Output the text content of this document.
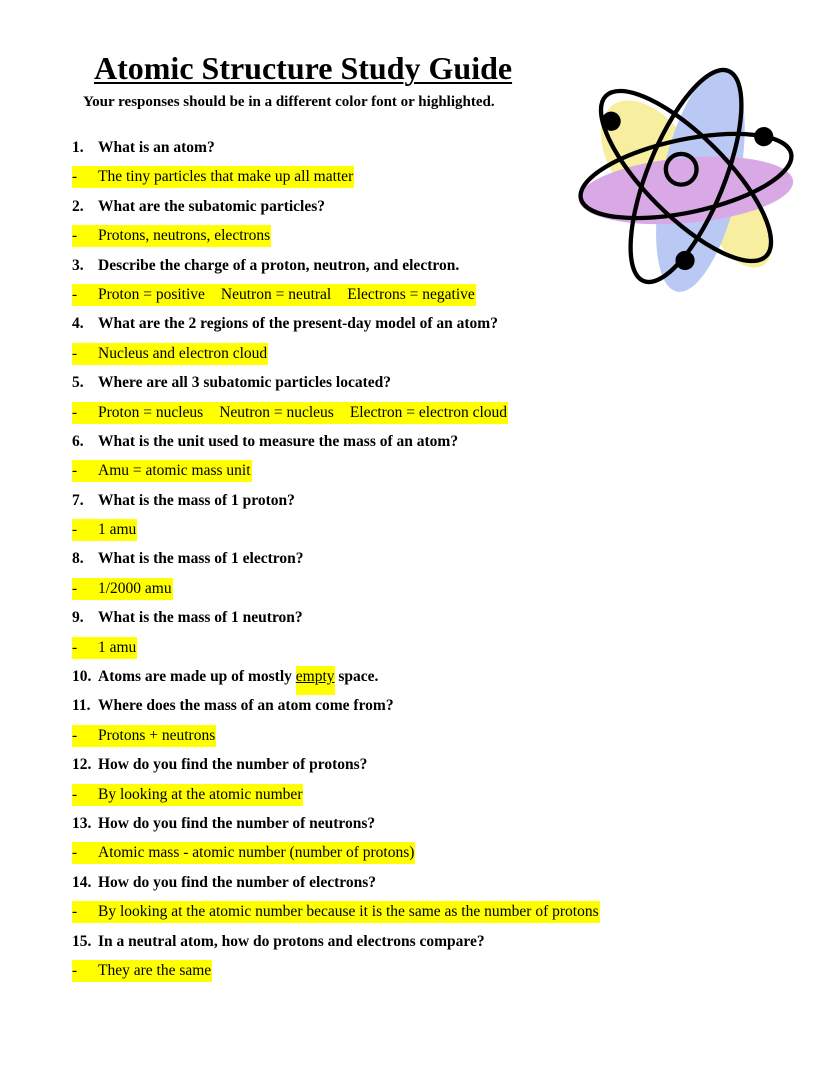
Atomic Structure Study Guide
Your responses should be in a different color font or highlighted.
1. What is an atom?
- The tiny particles that make up all matter
2. What are the subatomic particles?
- Protons, neutrons, electrons
3. Describe the charge of a proton, neutron, and electron.
- Proton = positive Neutron = neutral Electrons = negative
4. What are the 2 regions of the present-day model of an atom?
- Nucleus and electron cloud
5. Where are all 3 subatomic particles located?
- Proton = nucleus Neutron = nucleus Electron = electron cloud
6. What is the unit used to measure the mass of an atom?
- Amu = atomic mass unit
7. What is the mass of 1 proton?
- 1 amu
8. What is the mass of 1 electron?
- 1/2000 amu
9. What is the mass of 1 neutron?
- 1 amu
10. Atoms are made up of mostly empty space.
11. Where does the mass of an atom come from?
- Protons + neutrons
12. How do you find the number of protons?
- By looking at the atomic number
13. How do you find the number of neutrons?
- Atomic mass - atomic number (number of protons)
14. How do you find the number of electrons?
- By looking at the atomic number because it is the same as the number of protons
15. In a neutral atom, how do protons and electrons compare?
- They are the same
